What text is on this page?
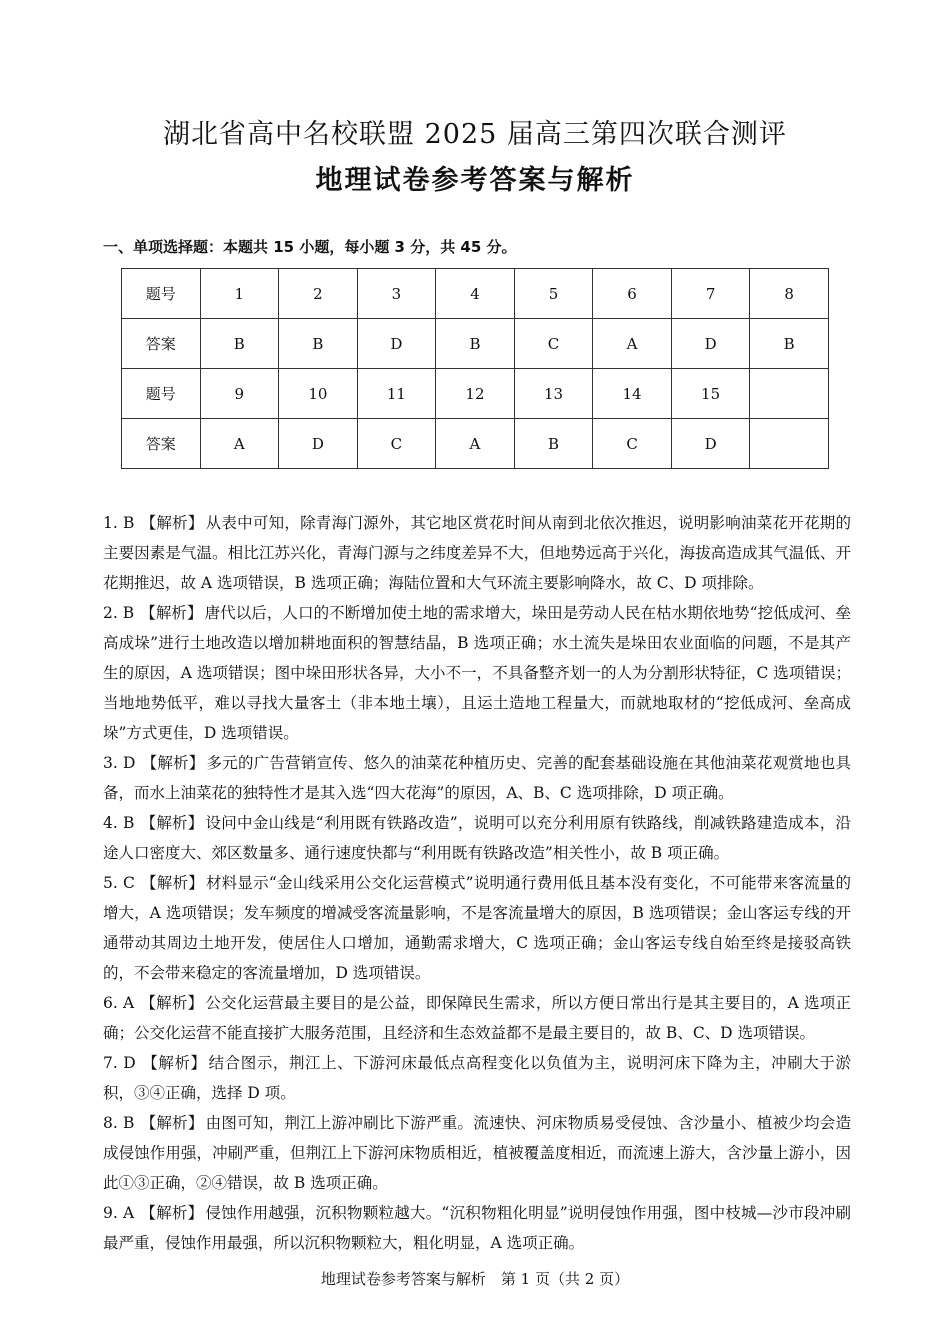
湖北省高中名校联盟 2025 届高三第四次联合测评
地理试卷参考答案与解析
一、单项选择题：本题共 15 小题，每小题 3 分，共 45 分。
题号	1	2	3	4	5	6	7	8
答案	B	B	D	B	C	A	D	B
题号	9	10	11	12	13	14	15	
答案	A	D	C	A	B	C	D	

1. B 【解析】 从表中可知，除青海门源外，其它地区赏花时间从南到北依次推迟，说明影响油菜花开花期的主要因素是气温。相比江苏兴化，青海门源与之纬度差异不大，但地势远高于兴化，海拔高造成其气温低、开花期推迟，故 A 选项错误，B 选项正确；海陆位置和大气环流主要影响降水，故 C、D 项排除。

2. B 【解析】 唐代以后，人口的不断增加使土地的需求增大，垛田是劳动人民在枯水期依地势“挖低成河、垒高成垛”进行土地改造以增加耕地面积的智慧结晶，B 选项正确；水土流失是垛田农业面临的问题，不是其产生的原因，A 选项错误；图中垛田形状各异，大小不一，不具备整齐划一的人为分割形状特征，C 选项错误；当地地势低平，难以寻找大量客土（非本地土壤），且运土造地工程量大，而就地取材的“挖低成河、垒高成垛”方式更佳，D 选项错误。

3. D 【解析】 多元的广告营销宣传、悠久的油菜花种植历史、完善的配套基础设施在其他油菜花观赏地也具备，而水上油菜花的独特性才是其入选“四大花海”的原因，A、B、C 选项排除，D 项正确。

4. B 【解析】 设问中金山线是“利用既有铁路改造”，说明可以充分利用原有铁路线，削减铁路建造成本，沿途人口密度大、郊区数量多、通行速度快都与“利用既有铁路改造”相关性小，故 B 项正确。

5. C 【解析】 材料显示“金山线采用公交化运营模式”说明通行费用低且基本没有变化，不可能带来客流量的增大，A 选项错误；发车频度的增减受客流量影响，不是客流量增大的原因，B 选项错误；金山客运专线的开通带动其周边土地开发，使居住人口增加，通勤需求增大，C 选项正确；金山客运专线自始至终是接驳高铁的，不会带来稳定的客流量增加，D 选项错误。

6. A 【解析】 公交化运营最主要目的是公益，即保障民生需求，所以方便日常出行是其主要目的，A 选项正确；公交化运营不能直接扩大服务范围，且经济和生态效益都不是最主要目的，故 B、C、D 选项错误。

7. D 【解析】 结合图示，荆江上、下游河床最低点高程变化以负值为主，说明河床下降为主，冲刷大于淤积，③④正确，选择 D 项。

8. B 【解析】 由图可知，荆江上游冲刷比下游严重。流速快、河床物质易受侵蚀、含沙量小、植被少均会造成侵蚀作用强，冲刷严重，但荆江上下游河床物质相近，植被覆盖度相近，而流速上游大，含沙量上游小，因此①③正确，②④错误，故 B 选项正确。

9. A 【解析】 侵蚀作用越强，沉积物颗粒越大。“沉积物粗化明显”说明侵蚀作用强，图中枝城—沙市段冲刷最严重，侵蚀作用最强，所以沉积物颗粒大，粗化明显，A 选项正确。

地理试卷参考答案与解析　第 1 页（共 2 页）
